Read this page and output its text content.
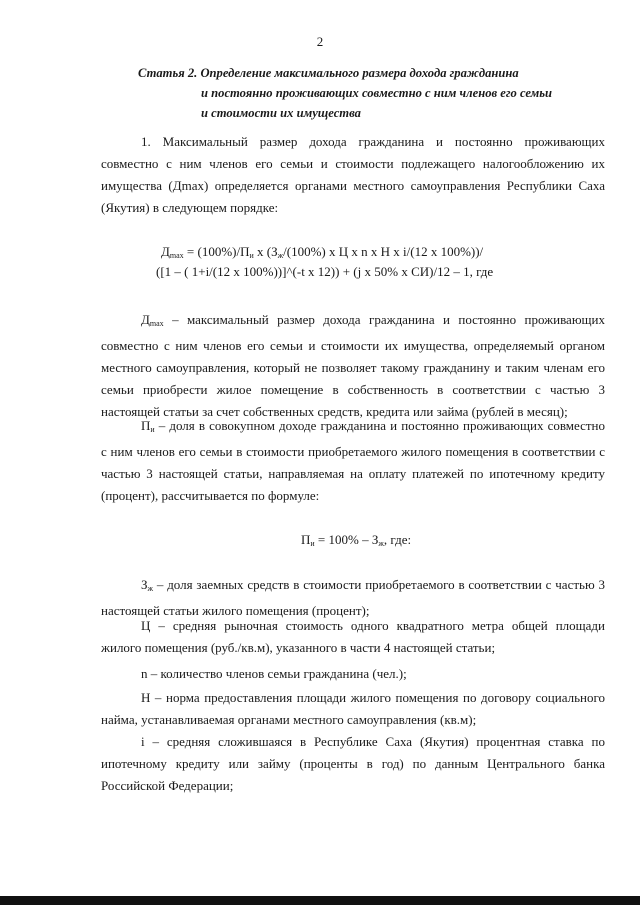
2
Статья 2. Определение максимального размера дохода гражданина
и постоянно проживающих совместно с ним членов его семьи
и стоимости их имущества
1. Максимальный размер дохода гражданина и постоянно проживающих совместно с ним членов его семьи и стоимости подлежащего налогообложению их имущества (Дmax) определяется органами местного самоуправления Республики Саха (Якутия) в следующем порядке:
$Д_{max} = (100\%)/П_и$ x ($З_ж/(100\%)$ x Ц x n x Н x i/(12 x 100%))/
([1 – ( 1+i/(12 x 100%))]^(-t x 12)) + (j x 50% x СИ)/12 – 1, где
$Д_{max}$ – максимальный размер дохода гражданина и постоянно проживающих совместно с ним членов его семьи и стоимости их имущества, определяемый органом местного самоуправления, который не позволяет такому гражданину и таким членам его семьи приобрести жилое помещение в собственность в соответствии с частью 3 настоящей статьи за счет собственных средств, кредита или займа (рублей в месяц);
$П_и$ – доля в совокупном доходе гражданина и постоянно проживающих совместно с ним членов его семьи в стоимости приобретаемого жилого помещения в соответствии с частью 3 настоящей статьи, направляемая на оплату платежей по ипотечному кредиту (процент), рассчитывается по формуле:
$П_и = 100\% - З_ж$, где:
$З_ж$ – доля заемных средств в стоимости приобретаемого в соответствии с частью 3 настоящей статьи жилого помещения (процент);
Ц – средняя рыночная стоимость одного квадратного метра общей площади жилого помещения (руб./кв.м), указанного в части 4 настоящей статьи;
n – количество членов семьи гражданина (чел.);
Н – норма предоставления площади жилого помещения по договору социального найма, устанавливаемая органами местного самоуправления (кв.м);
i – средняя сложившаяся в Республике Саха (Якутия) процентная ставка по ипотечному кредиту или займу (проценты в год) по данным Центрального банка Российской Федерации;
